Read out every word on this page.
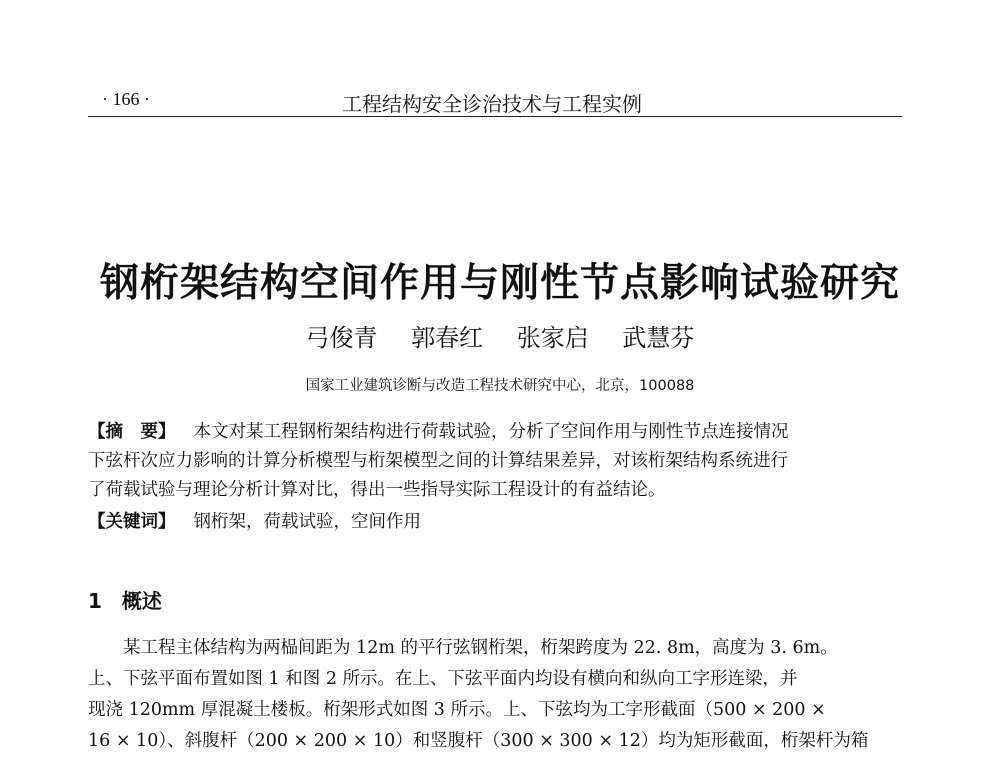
· 166 ·	工程结构安全诊治技术与工程实例
钢桁架结构空间作用与刚性节点影响试验研究
弓俊青 郭春红 张家启 武慧芬
国家工业建筑诊断与改造工程技术研究中心，北京，100088
【摘　要】 本文对某工程钢桁架结构进行荷载试验，分析了空间作用与刚性节点连接情况
下弦杆次应力影响的计算分析模型与桁架模型之间的计算结果差异，对该桁架结构系统进行
了荷载试验与理论分析计算对比，得出一些指导实际工程设计的有益结论。
【关键词】 钢桁架，荷载试验，空间作用
1 概述
某工程主体结构为两榀间距为 12m 的平行弦钢桁架，桁架跨度为 22. 8m，高度为 3. 6m。
上、下弦平面布置如图 1 和图 2 所示。在上、下弦平面内均设有横向和纵向工字形连梁，并
现浇 120mm 厚混凝土楼板。桁架形式如图 3 所示。上、下弦均为工字形截面（500 × 200 ×
16 × 10）、斜腹杆（200 × 200 × 10）和竖腹杆（300 × 300 × 12）均为矩形截面，桁架杆为箱
